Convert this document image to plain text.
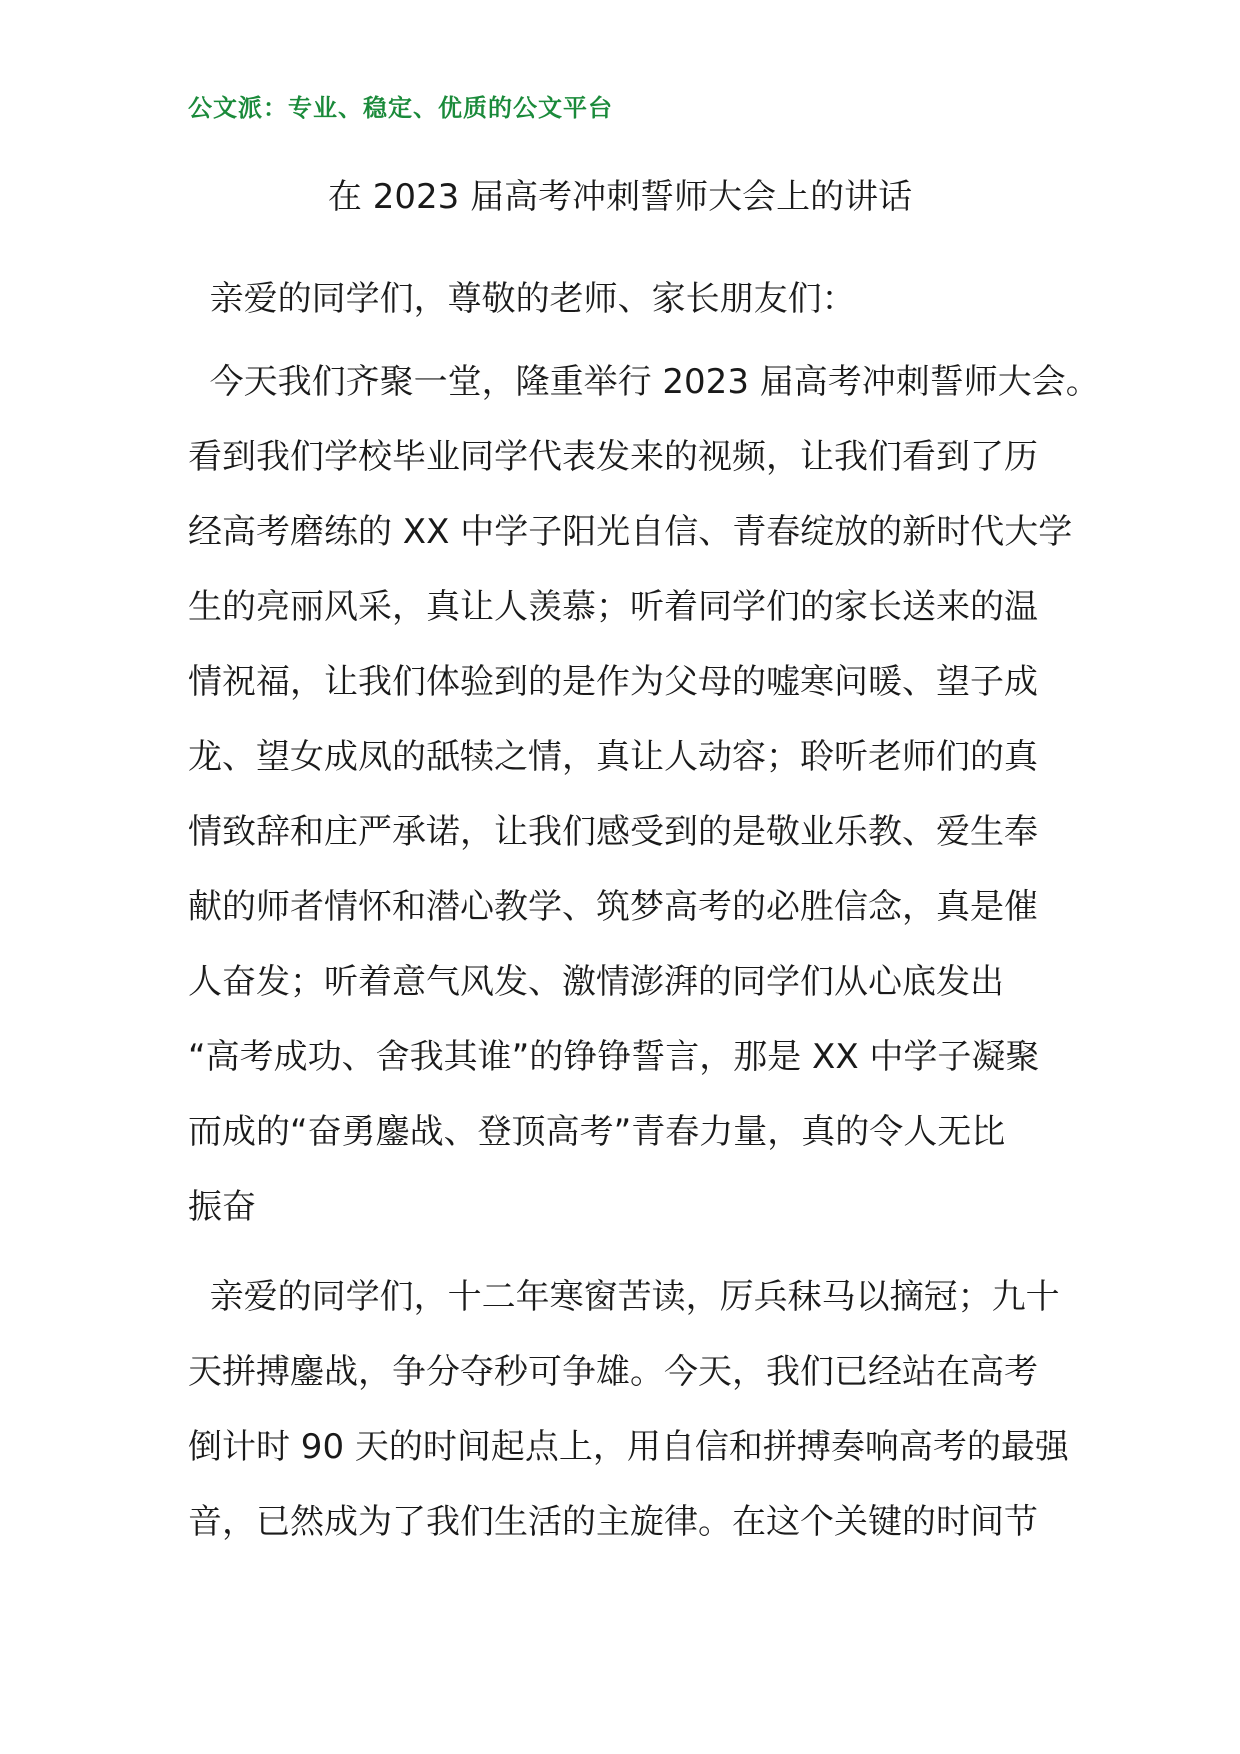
公文派：专业、稳定、优质的公文平台
在 2023 届高考冲刺誓师大会上的讲话
亲爱的同学们，尊敬的老师、家长朋友们：
今天我们齐聚一堂，隆重举行 2023 届高考冲刺誓师大会。
看到我们学校毕业同学代表发来的视频，让我们看到了历
经高考磨练的 XX 中学子阳光自信、青春绽放的新时代大学
生的亮丽风采，真让人羡慕；听着同学们的家长送来的温
情祝福，让我们体验到的是作为父母的嘘寒问暖、望子成
龙、望女成凤的舐犊之情，真让人动容；聆听老师们的真
情致辞和庄严承诺，让我们感受到的是敬业乐教、爱生奉
献的师者情怀和潜心教学、筑梦高考的必胜信念，真是催
人奋发；听着意气风发、激情澎湃的同学们从心底发出
“高考成功、舍我其谁”的铮铮誓言，那是 XX 中学子凝聚
而成的“奋勇鏖战、登顶高考”青春力量，真的令人无比
振奋
亲爱的同学们，十二年寒窗苦读，厉兵秣马以摘冠；九十
天拼搏鏖战，争分夺秒可争雄。今天，我们已经站在高考
倒计时 90 天的时间起点上，用自信和拼搏奏响高考的最强
音，已然成为了我们生活的主旋律。在这个关键的时间节
